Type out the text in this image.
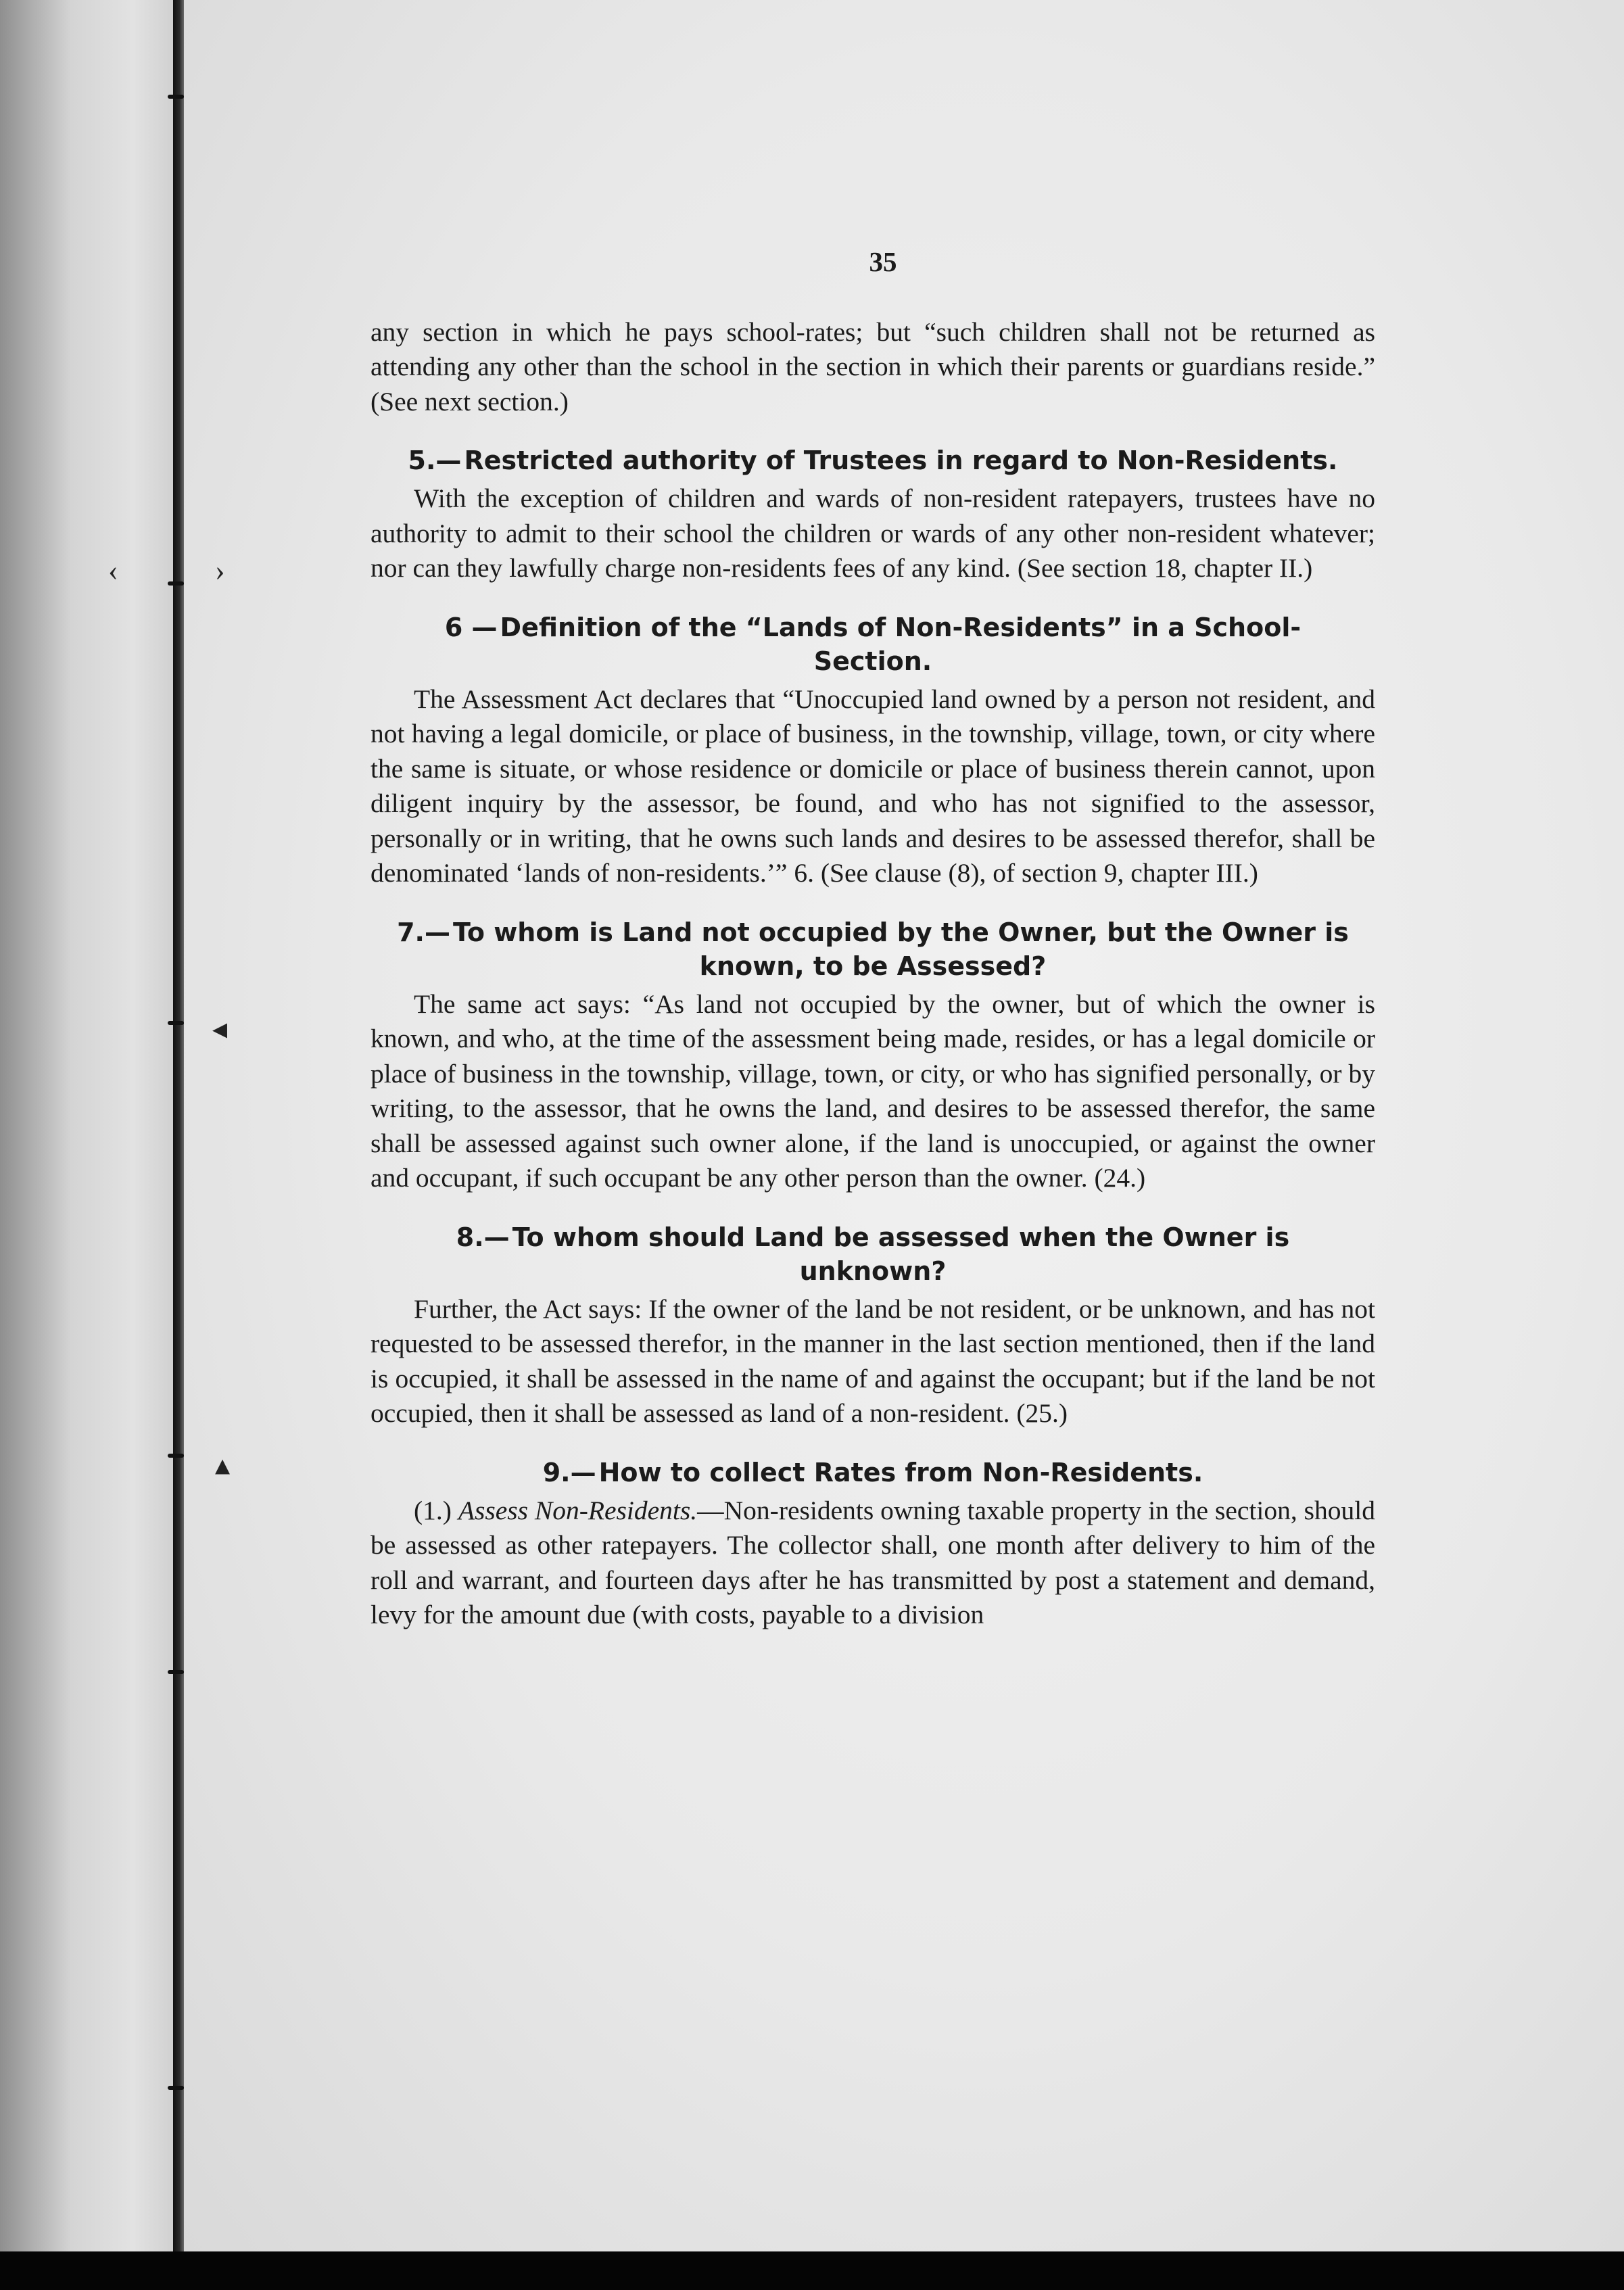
‹	›
◂
▴
35

any section in which he pays school-rates; but “such children shall not be returned as attending any other than the school in the section in which their parents or guardians reside.” (See next section.)

5.— Restricted authority of Trustees in regard to Non-Residents.

With the exception of children and wards of non-resident ratepayers, trustees have no authority to admit to their school the children or wards of any other non-resident whatever; nor can they lawfully charge non-residents fees of any kind. (See section 18, chapter II.)

6 — Definition of the “Lands of Non-Residents” in a School-Section.

The Assessment Act declares that “Unoccupied land owned by a person not resident, and not having a legal domicile, or place of business, in the township, village, town, or city where the same is situate, or whose residence or domicile or place of business therein cannot, upon diligent inquiry by the assessor, be found, and who has not signified to the assessor, personally or in writing, that he owns such lands and desires to be assessed therefor, shall be denominated ‘lands of non-residents.’” 6. (See clause (8), of section 9, chapter III.)

7.— To whom is Land not occupied by the Owner, but the Owner is known, to be Assessed?

The same act says: “As land not occupied by the owner, but of which the owner is known, and who, at the time of the assessment being made, resides, or has a legal domicile or place of business in the township, village, town, or city, or who has signified personally, or by writing, to the assessor, that he owns the land, and desires to be assessed therefor, the same shall be assessed against such owner alone, if the land is unoccupied, or against the owner and occupant, if such occupant be any other person than the owner. (24.)

8.— To whom should Land be assessed when the Owner is unknown?

Further, the Act says: If the owner of the land be not resident, or be unknown, and has not requested to be assessed therefor, in the manner in the last section mentioned, then if the land is occupied, it shall be assessed in the name of and against the occupant; but if the land be not occupied, then it shall be assessed as land of a non-resident. (25.)

9.— How to collect Rates from Non-Residents.

(1.) Assess Non-Residents.—Non-residents owning taxable property in the section, should be assessed as other ratepayers. The collector shall, one month after delivery to him of the roll and warrant, and fourteen days after he has transmitted by post a statement and demand, levy for the amount due (with costs, payable to a division
